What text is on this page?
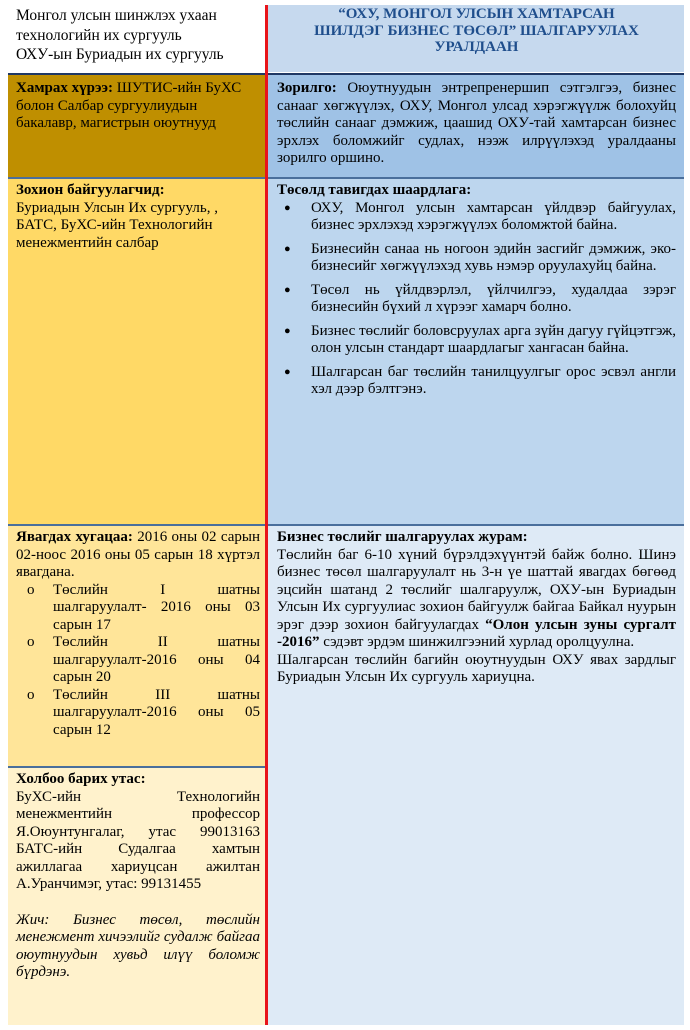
Монгол улсын шинжлэх ухаан

технологийн их сургууль

ОХУ-ын Буриадын их сургууль

“ОХУ, МОНГОЛ УЛСЫН ХАМТАРСАН

ШИЛДЭГ БИЗНЕС ТӨСӨЛ” ШАЛГАРУУЛАХ

УРАЛДААН

Хамрах хүрээ: ШУТИС-ийн БуХС болон Салбар сургуулиудын бакалавр, магистрын оюутнууд

Зорилго: Оюутнуудын энтрепренершип сэтгэлгээ, бизнес санааг хөгжүүлэх, ОХУ, Монгол улсад хэрэгжүүлж болохуйц төслийн санааг дэмжиж, цаашид ОХУ-тай хамтарсан бизнес эрхлэх боломжийг судлах, нээж илрүүлэхэд уралдааны зорилго оршино.

Зохион байгуулагчид:

Буриадын Улсын Их сургууль, , БАТС, БуХС-ийн Технологийн менежментийн салбар

Төсөлд тавигдах шаардлага:

● ОХУ, Монгол улсын хамтарсан үйлдвэр байгуулах, бизнес эрхлэхэд хэрэгжүүлэх боломжтой байна.
● Бизнесийн санаа нь ногоон эдийн засгийг дэмжиж, эко-бизнесийг хөгжүүлэхэд хувь нэмэр оруулахуйц байна.
● Төсөл нь үйлдвэрлэл, үйлчилгээ, худалдаа зэрэг бизнесийн бүхий л хүрээг хамарч болно.
● Бизнес төслийг боловсруулах арга зүйн дагуу гүйцэтгэж, олон улсын стандарт шаардлагыг хангасан байна.
● Шалгарсан баг төслийн танилцуулгыг орос эсвэл англи хэл дээр бэлтгэнэ.

Явагдах хугацаа: 2016 оны 02 сарын 02-ноос 2016 оны 05 сарын 18 хүртэл явагдана.

o Төслийн I шатны шалгаруулалт- 2016 оны 03 сарын 17
o Төслийн II шатны шалгаруулалт-2016 оны 04 сарын 20
o Төслийн III шатны шалгаруулалт-2016 оны 05 сарын 12

Бизнес төслийг шалгаруулах журам:

Төслийн баг 6-10 хүний бүрэлдэхүүнтэй байж болно. Шинэ бизнес төсөл шалгаруулалт нь 3-н үе шаттай явагдах бөгөөд эцсийн шатанд 2 төслийг шалгаруулж, ОХУ-ын Буриадын Улсын Их сургуулиас зохион байгуулж байгаа Байкал нуурын эрэг дээр зохион байгуулагдах “Олон улсын зуны сургалт -2016” сэдэвт эрдэм шинжилгээний хурлад оролцуулна.

Шалгарсан төслийн багийн оюутнуудын ОХУ явах зардлыг Буриадын Улсын Их сургууль хариуцна.

Холбоо барих утас:

БуХС-ийн Технологийн менежментийн профессор Я.Оюунтунгалаг, утас 99013163 БАТС-ийн Судалгаа хамтын ажиллагаа хариуцсан ажилтан А.Уранчимэг, утас: 99131455

Жич: Бизнес төсөл, төслийн менежмент хичээлийг судалж байгаа оюутнуудын хувьд илүү боломж бүрдэнэ.
